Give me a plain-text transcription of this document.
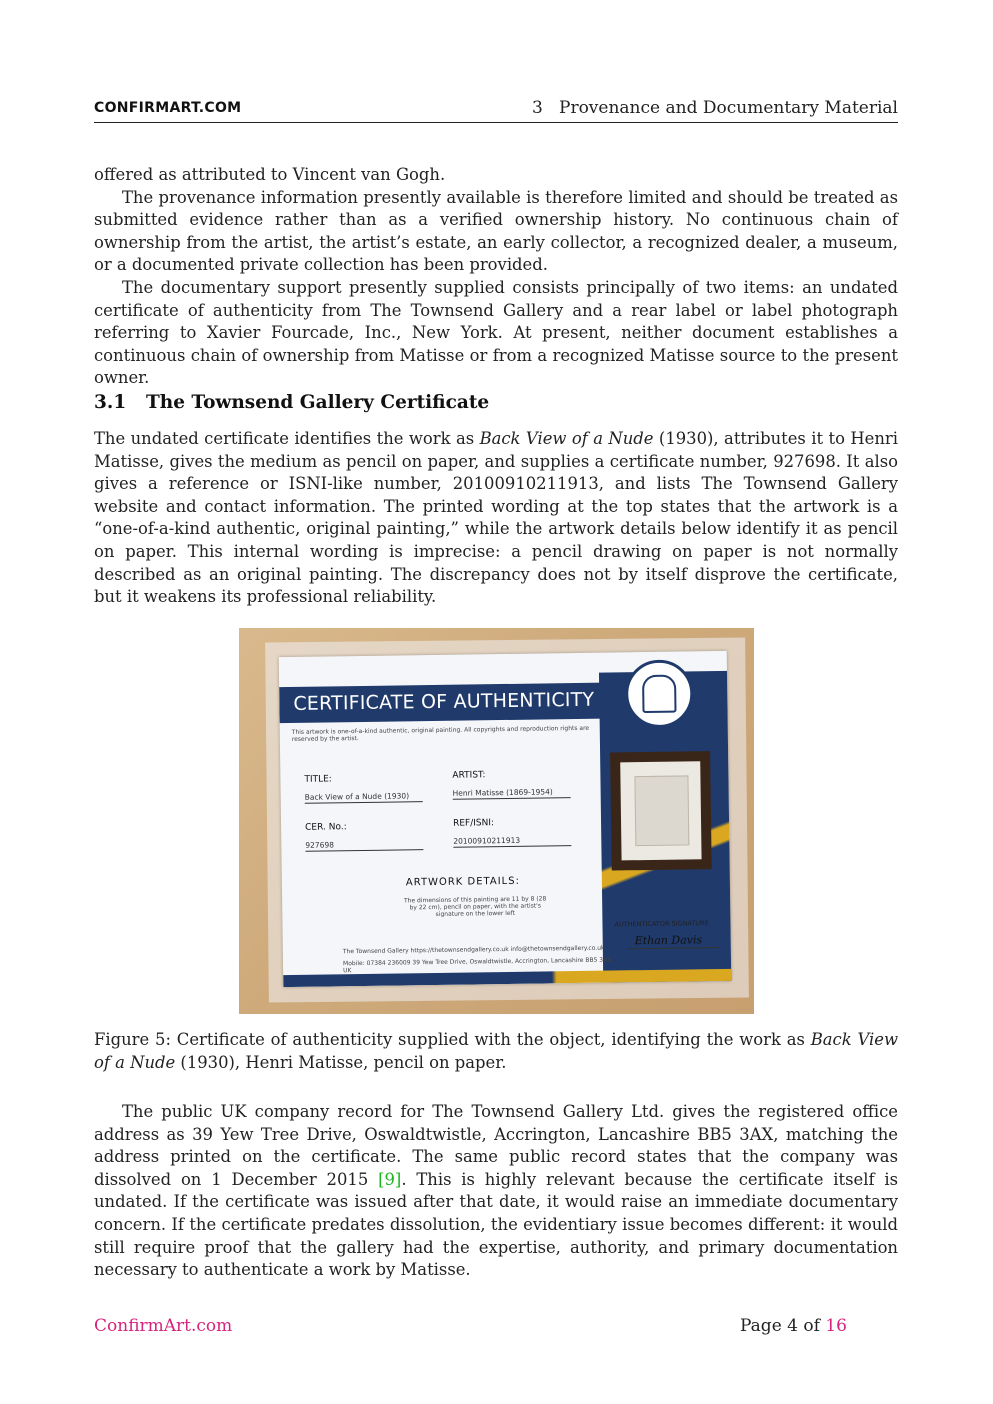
CONFIRMART.COM	3   Provenance and Documentary Material

offered as attributed to Vincent van Gogh.

The provenance information presently available is therefore limited and should be treated as submitted evidence rather than as a verified ownership history. No continuous chain of ownership from the artist, the artist’s estate, an early collector, a recognized dealer, a museum, or a documented private collection has been provided.

The documentary support presently supplied consists principally of two items: an undated certificate of authenticity from The Townsend Gallery and a rear label or label photograph referring to Xavier Fourcade, Inc., New York. At present, neither document establishes a continuous chain of ownership from Matisse or from a recognized Matisse source to the present owner.

3.1 The Townsend Gallery Certificate

The undated certificate identifies the work as Back View of a Nude (1930), attributes it to Henri Matisse, gives the medium as pencil on paper, and supplies a certificate number, 927698. It also gives a reference or ISNI-like number, 20100910211913, and lists The Townsend Gallery website and contact information. The printed wording at the top states that the artwork is a “one-of-a-kind authentic, original painting,” while the artwork details below identify it as pencil on paper. This internal wording is imprecise: a pencil drawing on paper is not normally described as an original painting. The discrepancy does not by itself disprove the certificate, but it weakens its professional reliability.

CERTIFICATE OF AUTHENTICITY
This artwork is one-of-a-kind authentic, original painting. All copyrights and reproduction rights are reserved by the artist.
TITLE:
Back View of a Nude (1930)
ARTIST:
Henri Matisse (1869-1954)
CER. No.:
927698
REF/ISNI:
20100910211913
ARTWORK DETAILS:
The dimensions of this painting are 11 by 8 (28 by 22 cm), pencil on paper, with the artist's signature on the lower left
AUTHENTICATOR SIGNATURE
Ethan Davis
The Townsend Gallery https://thetownsendgallery.co.uk info@thetownsendgallery.co.uk
Mobile: 07384 236009 39 Yew Tree Drive, Oswaldtwistle, Accrington, Lancashire BB5 3AX, UK
Figure 5: Certificate of authenticity supplied with the object, identifying the work as Back View of a Nude (1930), Henri Matisse, pencil on paper.

The public UK company record for The Townsend Gallery Ltd. gives the registered office address as 39 Yew Tree Drive, Oswaldtwistle, Accrington, Lancashire BB5 3AX, matching the address printed on the certificate. The same public record states that the company was dissolved on 1 December 2015 [9]. This is highly relevant because the certificate itself is undated. If the certificate was issued after that date, it would raise an immediate documentary concern. If the certificate predates dissolution, the evidentiary issue becomes different: it would still require proof that the gallery had the expertise, authority, and primary documentation necessary to authenticate a work by Matisse.

ConfirmArt.com	Page 4 of 16
